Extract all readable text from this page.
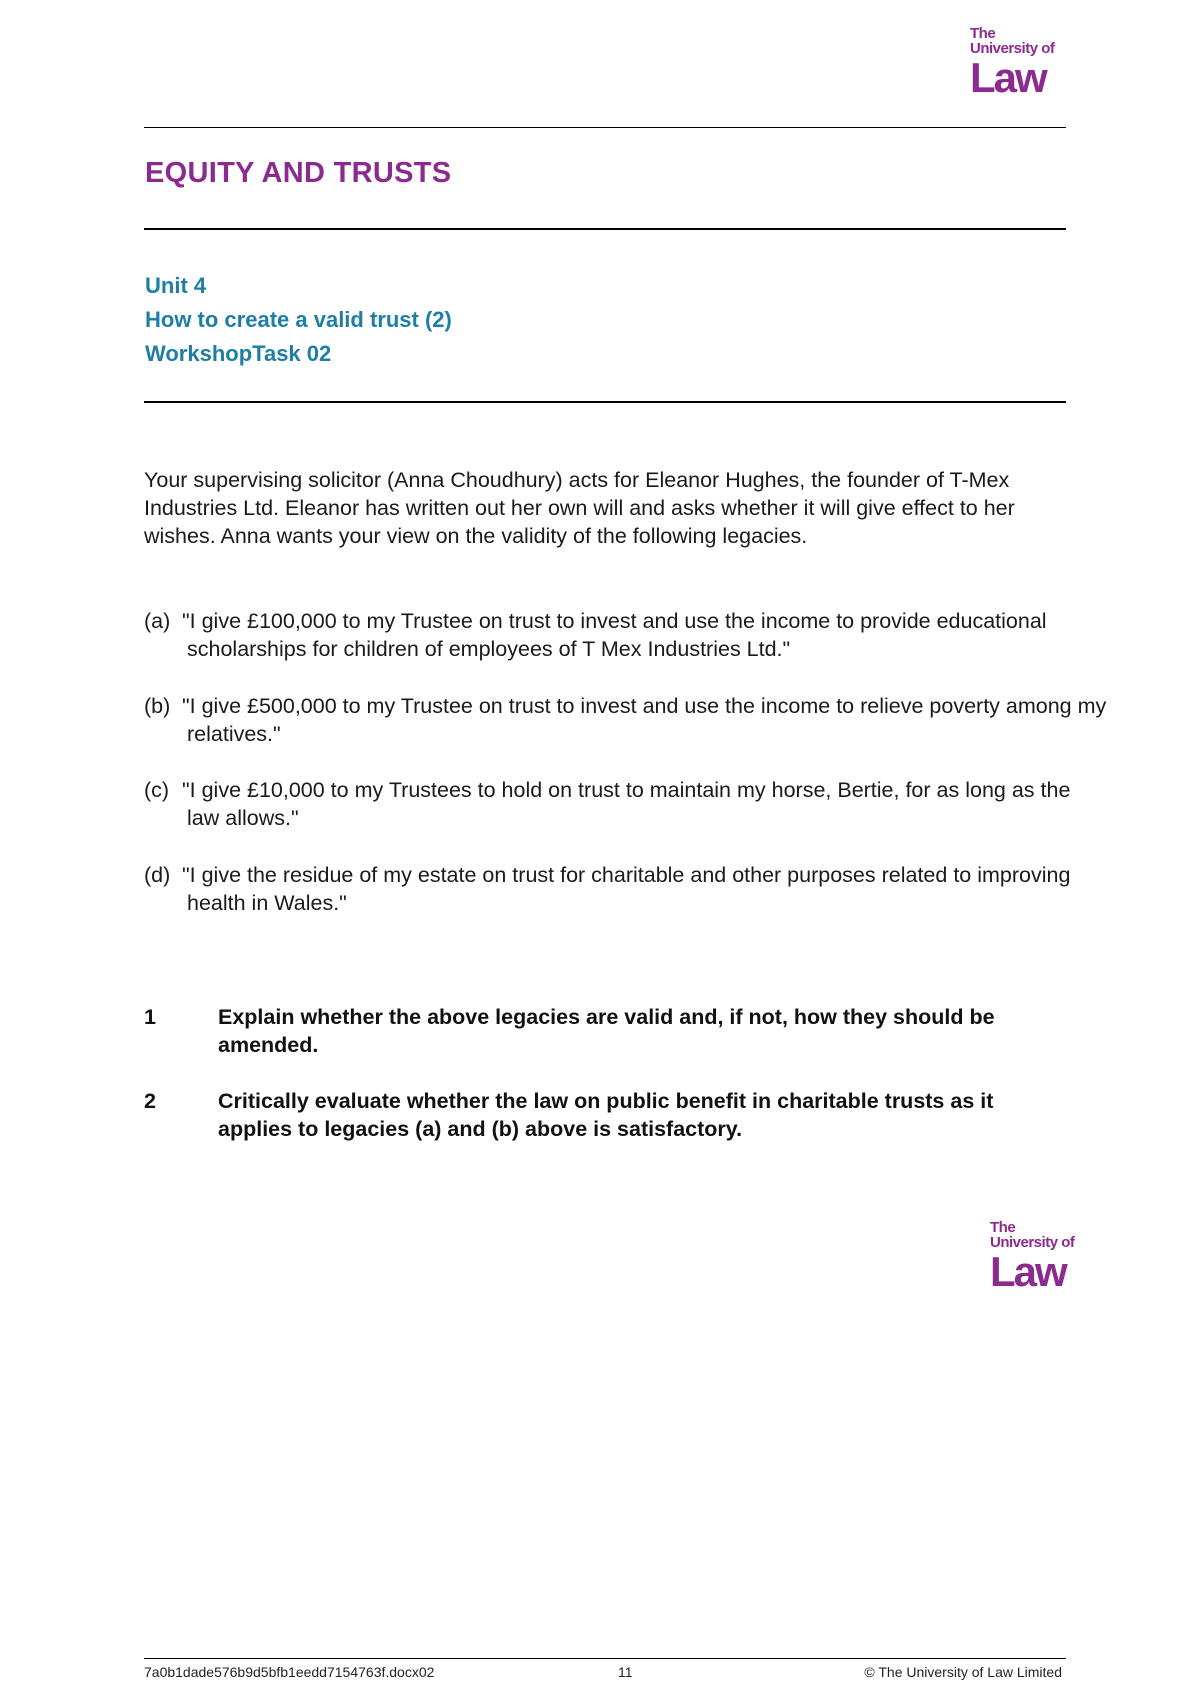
The
University of
Law
EQUITY AND TRUSTS
Unit 4
How to create a valid trust (2)
WorkshopTask 02

Your supervising solicitor (Anna Choudhury) acts for Eleanor Hughes, the founder of T-Mex Industries Ltd. Eleanor has written out her own will and asks whether it will give effect to her wishes. Anna wants your view on the validity of the following legacies.

(a) "I give £100,000 to my Trustee on trust to invest and use the income to provide educational scholarships for children of employees of T Mex Industries Ltd."

(b) "I give £500,000 to my Trustee on trust to invest and use the income to relieve poverty among my relatives."

(c) "I give £10,000 to my Trustees to hold on trust to maintain my horse, Bertie, for as long as the law allows."

(d) "I give the residue of my estate on trust for charitable and other purposes related to improving health in Wales."

1	Explain whether the above legacies are valid and, if not, how they should be amended.
2	Critically evaluate whether the law on public benefit in charitable trusts as it applies to legacies (a) and (b) above is satisfactory.
The
University of
Law
7a0b1dade576b9d5bfb1eedd7154763f.docx02	11	© The University of Law Limited
